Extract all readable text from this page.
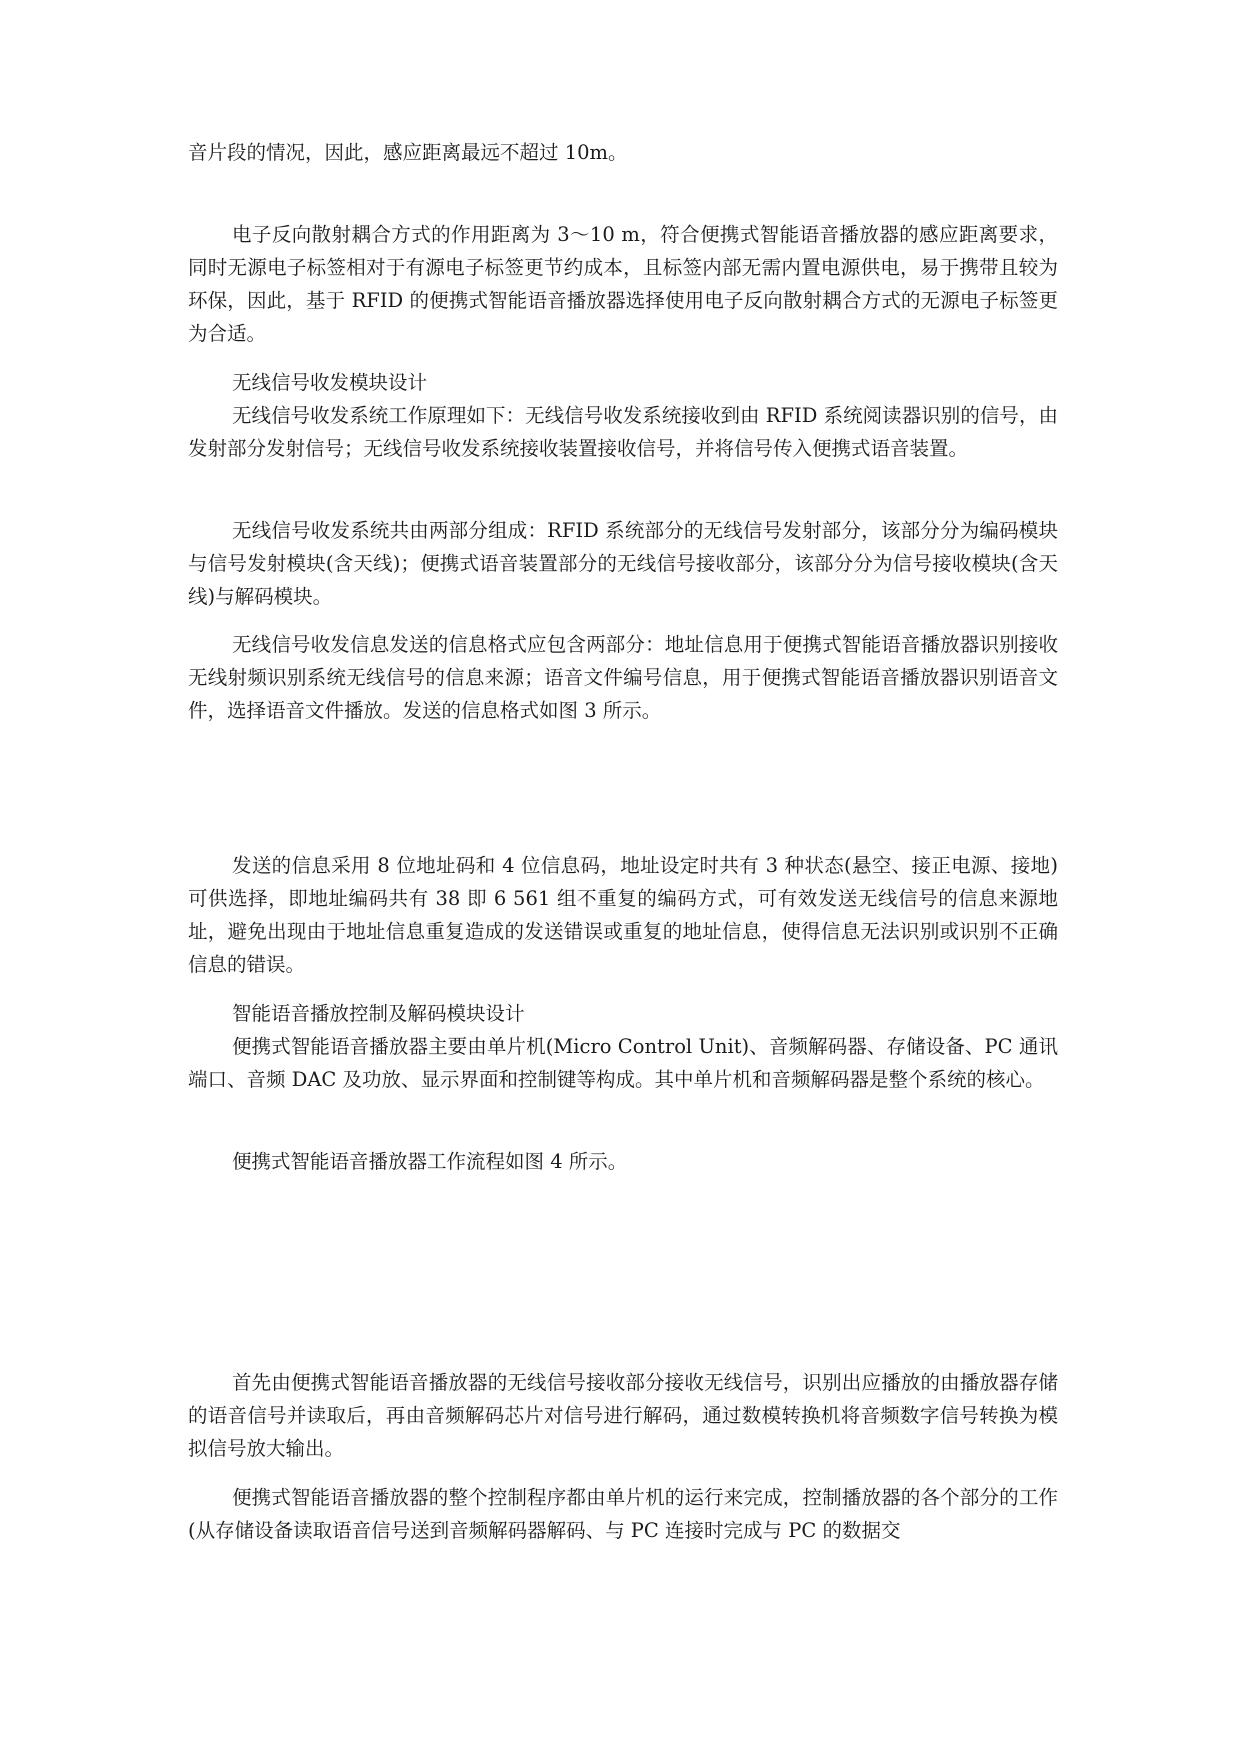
音片段的情况，因此，感应距离最远不超过 10m。

电子反向散射耦合方式的作用距离为 3～10 m，符合便携式智能语音播放器的感应距离要求，同时无源电子标签相对于有源电子标签更节约成本，且标签内部无需内置电源供电，易于携带且较为环保，因此，基于 RFID 的便携式智能语音播放器选择使用电子反向散射耦合方式的无源电子标签更为合适。

无线信号收发模块设计

无线信号收发系统工作原理如下：无线信号收发系统接收到由 RFID 系统阅读器识别的信号，由发射部分发射信号；无线信号收发系统接收装置接收信号，并将信号传入便携式语音装置。

无线信号收发系统共由两部分组成：RFID 系统部分的无线信号发射部分，该部分分为编码模块与信号发射模块(含天线)；便携式语音装置部分的无线信号接收部分，该部分分为信号接收模块(含天线)与解码模块。

无线信号收发信息发送的信息格式应包含两部分：地址信息用于便携式智能语音播放器识别接收无线射频识别系统无线信号的信息来源；语音文件编号信息，用于便携式智能语音播放器识别语音文件，选择语音文件播放。发送的信息格式如图 3 所示。

发送的信息采用 8 位地址码和 4 位信息码，地址设定时共有 3 种状态(悬空、接正电源、接地)可供选择，即地址编码共有 38 即 6 561 组不重复的编码方式，可有效发送无线信号的信息来源地址，避免出现由于地址信息重复造成的发送错误或重复的地址信息，使得信息无法识别或识别不正确信息的错误。

智能语音播放控制及解码模块设计

便携式智能语音播放器主要由单片机(Micro Control Unit)、音频解码器、存储设备、PC 通讯端口、音频 DAC 及功放、显示界面和控制键等构成。其中单片机和音频解码器是整个系统的核心。

便携式智能语音播放器工作流程如图 4 所示。

首先由便携式智能语音播放器的无线信号接收部分接收无线信号，识别出应播放的由播放器存储的语音信号并读取后，再由音频解码芯片对信号进行解码，通过数模转换机将音频数字信号转换为模拟信号放大输出。

便携式智能语音播放器的整个控制程序都由单片机的运行来完成，控制播放器的各个部分的工作(从存储设备读取语音信号送到音频解码器解码、与 PC 连接时完成与 PC 的数据交
